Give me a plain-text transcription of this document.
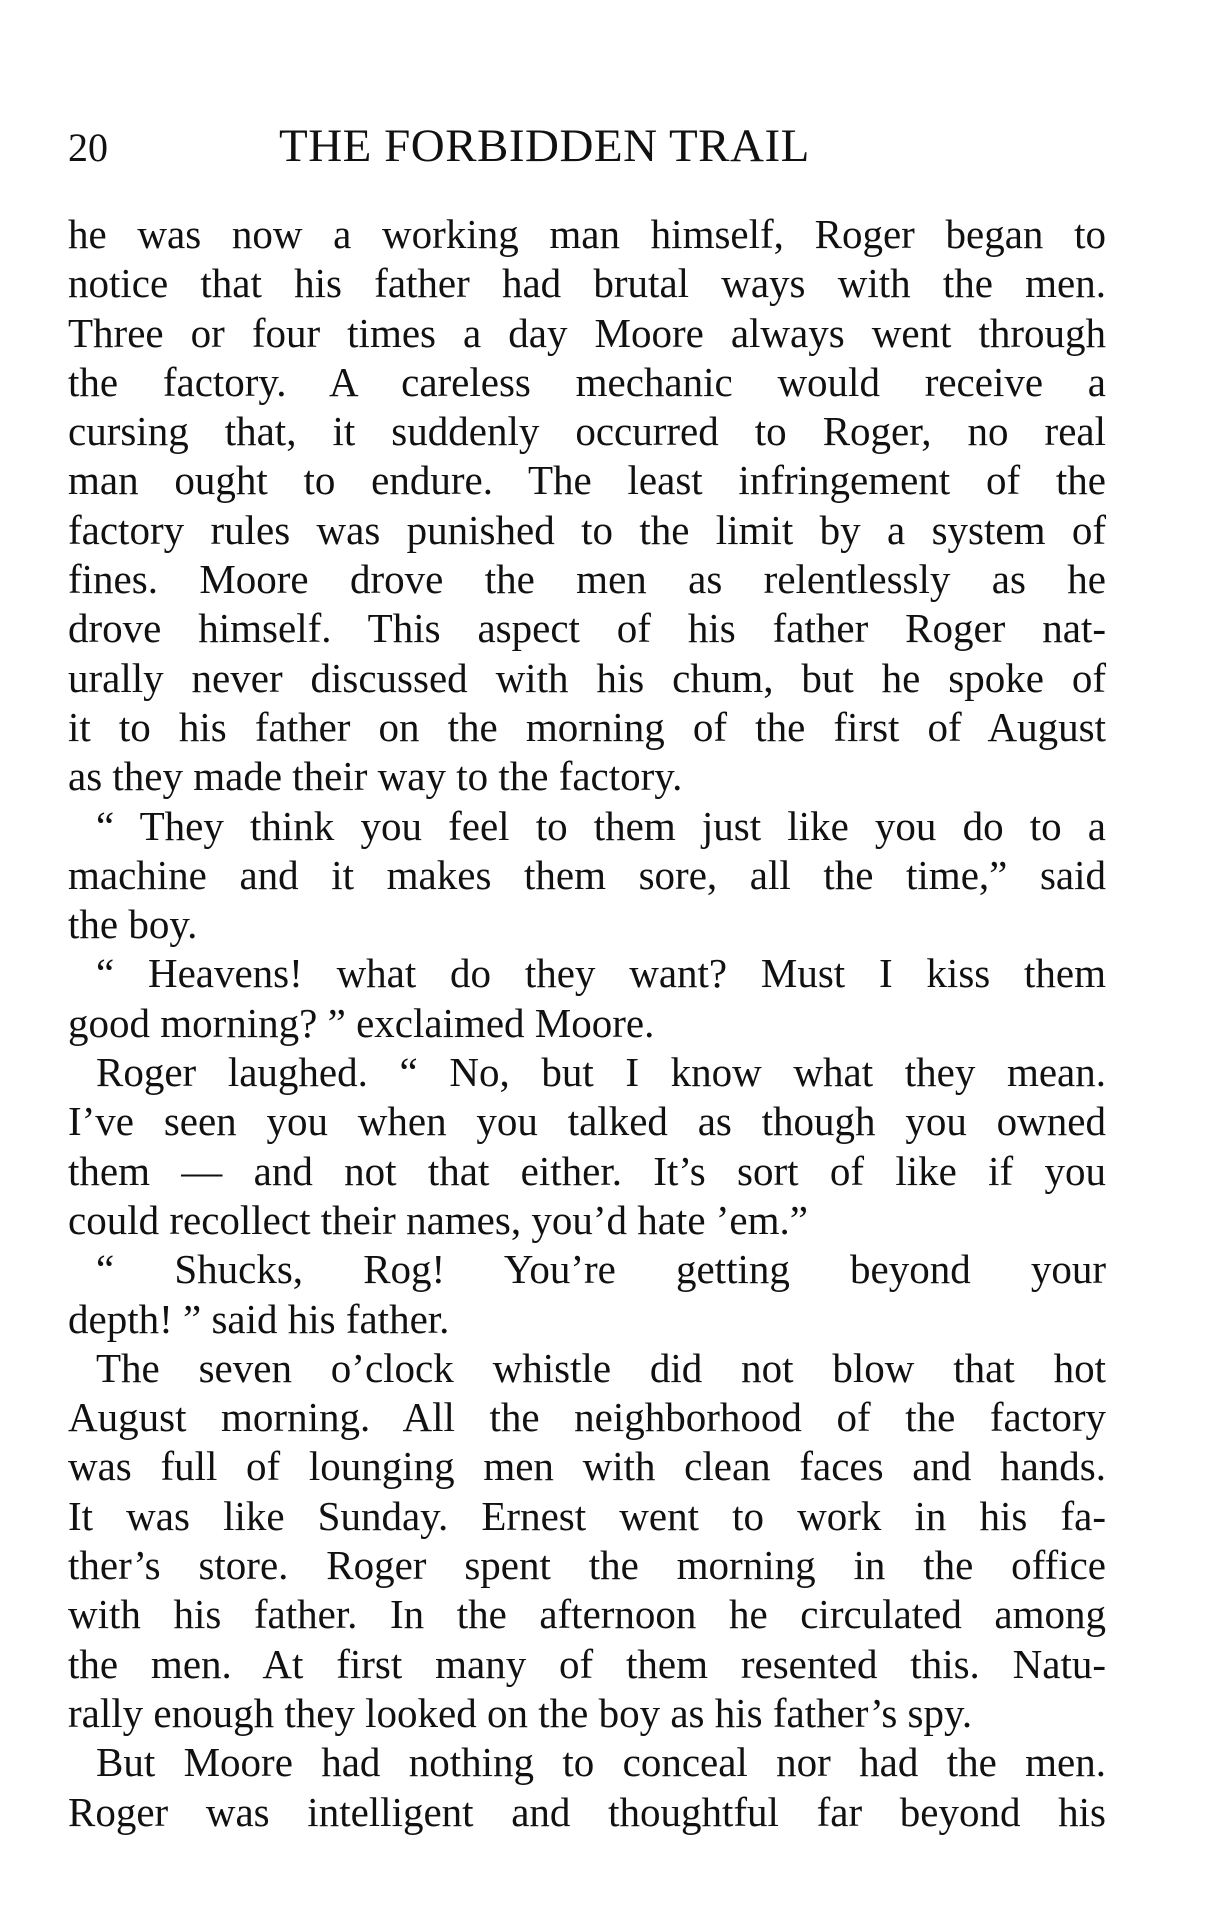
20	THE FORBIDDEN TRAIL
he was now a working man himself, Roger began to
notice that his father had brutal ways with the men.
Three or four times a day Moore always went through
the factory. A careless mechanic would receive a
cursing that, it suddenly occurred to Roger, no real
man ought to endure. The least infringement of the
factory rules was punished to the limit by a system of
fines. Moore drove the men as relentlessly as he
drove himself. This aspect of his father Roger nat-
urally never discussed with his chum, but he spoke of
it to his father on the morning of the first of August
as they made their way to the factory.
“ They think you feel to them just like you do to a
machine and it makes them sore, all the time,” said
the boy.
“ Heavens! what do they want? Must I kiss them
good morning? ” exclaimed Moore.
Roger laughed. “ No, but I know what they mean.
I’ve seen you when you talked as though you owned
them — and not that either. It’s sort of like if you
could recollect their names, you’d hate ’em.”
“ Shucks, Rog! You’re getting beyond your
depth! ” said his father.
The seven o’clock whistle did not blow that hot
August morning. All the neighborhood of the factory
was full of lounging men with clean faces and hands.
It was like Sunday. Ernest went to work in his fa-
ther’s store. Roger spent the morning in the office
with his father. In the afternoon he circulated among
the men. At first many of them resented this. Natu-
rally enough they looked on the boy as his father’s spy.
But Moore had nothing to conceal nor had the men.
Roger was intelligent and thoughtful far beyond his
